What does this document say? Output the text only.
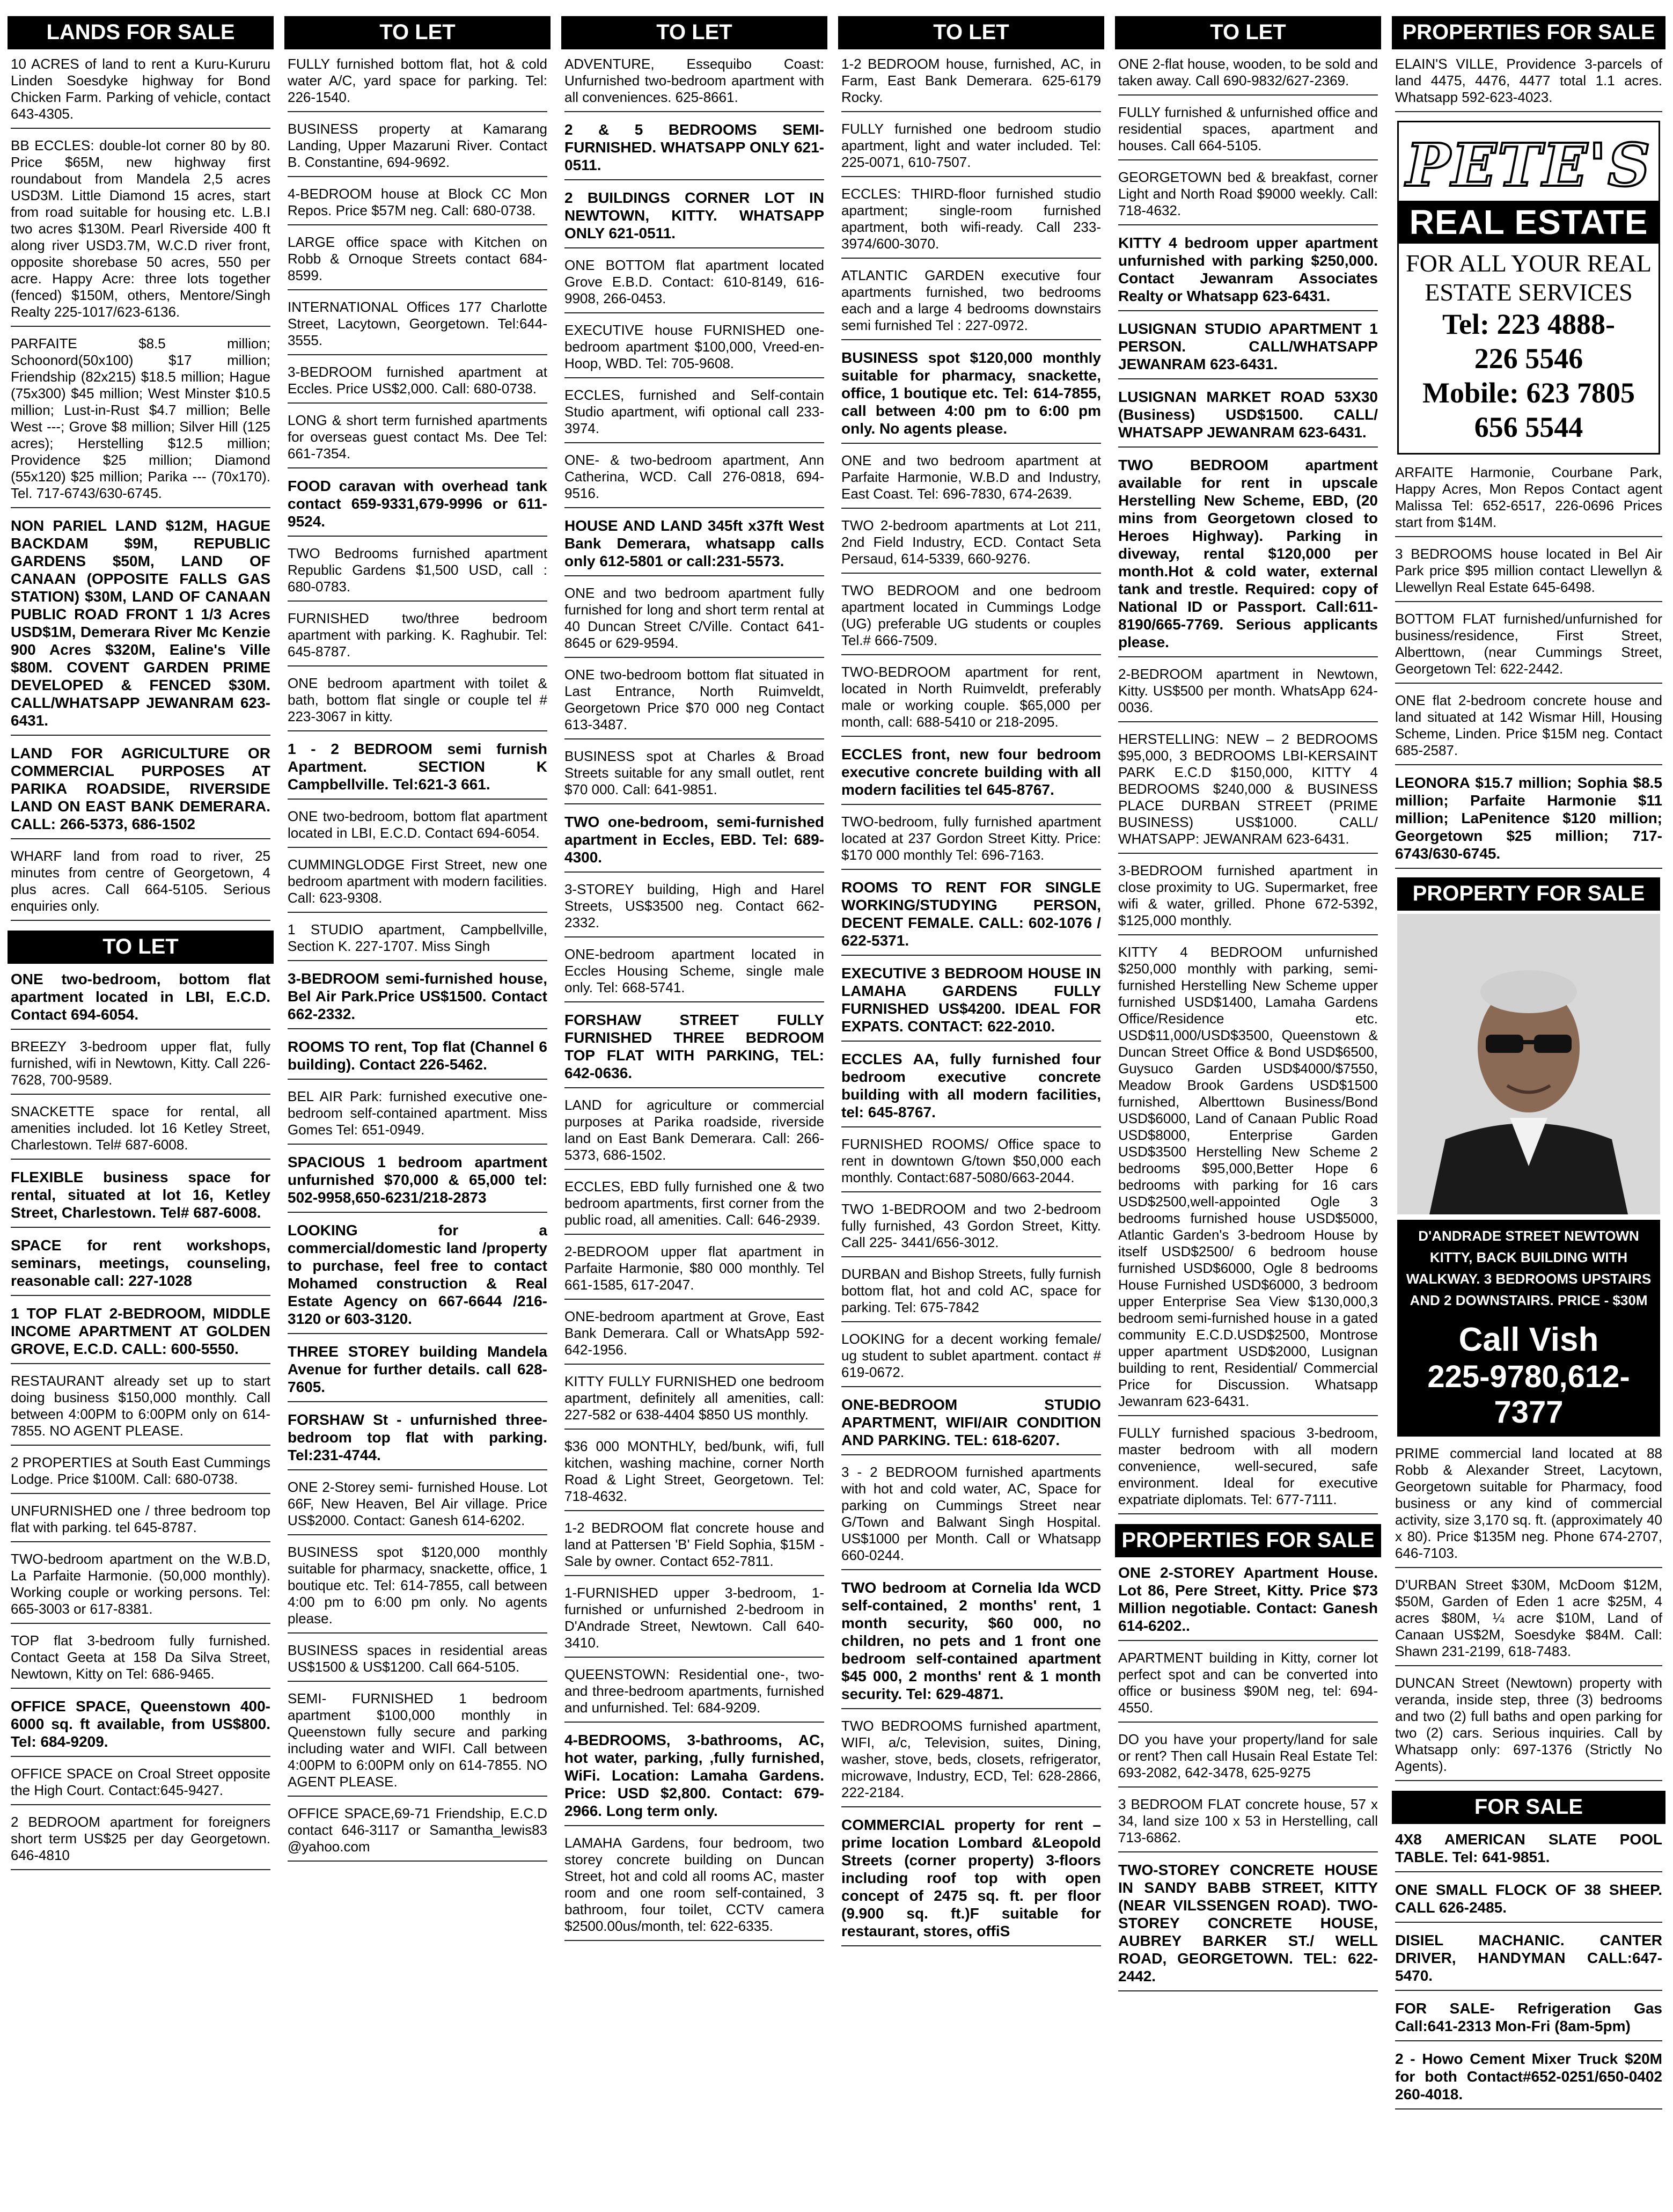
LANDS FOR SALE
10 ACRES of land to rent a Kuru-Kururu Linden Soesdyke highway for Bond Chicken Farm. Parking of vehicle, contact 643-4305.
BB ECCLES: double-lot corner 80 by 80. Price $65M, new highway first roundabout from Mandela 2,5 acres USD3M. Little Diamond 15 acres, start from road suitable for housing etc. L.B.I two acres $130M. Pearl Riverside 400 ft along river USD3.7M, W.C.D river front, opposite shorebase 50 acres, 550 per acre. Happy Acre: three lots together (fenced) $150M, others, Mentore/Singh Realty 225-1017/623-6136.
PARFAITE $8.5 million; Schoonord(50x100) $17 million; Friendship (82x215) $18.5 million; Hague (75x300) $45 million; West Minster $10.5 million; Lust-in-Rust $4.7 million; Belle West ---; Grove $8 million; Silver Hill (125 acres); Herstelling $12.5 million; Providence $25 million; Diamond (55x120) $25 million; Parika --- (70x170). Tel. 717-6743/630-6745.
NON PARIEL LAND $12M, HAGUE BACKDAM $9M, REPUBLIC GARDENS $50M, LAND OF CANAAN (OPPOSITE FALLS GAS STATION) $30M, LAND OF CANAAN PUBLIC ROAD FRONT 1 1/3 Acres USD$1M, Demerara River Mc Kenzie 900 Acres $320M, Ealine's Ville $80M. COVENT GARDEN PRIME DEVELOPED & FENCED $30M. CALL/WHATSAPP JEWANRAM 623-6431.
LAND FOR AGRICULTURE OR COMMERCIAL PURPOSES AT PARIKA ROADSIDE, RIVERSIDE LAND ON EAST BANK DEMERARA. CALL: 266-5373, 686-1502
WHARF land from road to river, 25 minutes from centre of Georgetown, 4 plus acres. Call 664-5105. Serious enquiries only.
TO LET
ONE two-bedroom, bottom flat apartment located in LBI, E.C.D. Contact 694-6054.
BREEZY 3-bedroom upper flat, fully furnished, wifi in Newtown, Kitty. Call 226-7628, 700-9589.
SNACKETTE space for rental, all amenities included. lot 16 Ketley Street, Charlestown. Tel# 687-6008.
FLEXIBLE business space for rental, situated at lot 16, Ketley Street, Charlestown. Tel# 687-6008.
SPACE for rent workshops, seminars, meetings, counseling, reasonable call: 227-1028
1 TOP FLAT 2-BEDROOM, MIDDLE INCOME APARTMENT AT GOLDEN GROVE, E.C.D. CALL: 600-5550.
RESTAURANT already set up to start doing business $150,000 monthly. Call between 4:00PM to 6:00PM only on 614-7855. NO AGENT PLEASE.
2 PROPERTIES at South East Cummings Lodge. Price $100M. Call: 680-0738.
UNFURNISHED one / three bedroom top flat with parking. tel 645-8787.
TWO-bedroom apartment on the W.B.D, La Parfaite Harmonie. (50,000 monthly). Working couple or working persons. Tel: 665-3003 or 617-8381.
TOP flat 3-bedroom fully furnished. Contact Geeta at 158 Da Silva Street, Newtown, Kitty on Tel: 686-9465.
OFFICE SPACE, Queenstown 400-6000 sq. ft available, from US$800. Tel: 684-9209.
OFFICE SPACE on Croal Street opposite the High Court. Contact:645-9427.
2 BEDROOM apartment for foreigners short term US$25 per day Georgetown. 646-4810
TO LET
FULLY furnished bottom flat, hot & cold water A/C, yard space for parking. Tel: 226-1540.
BUSINESS property at Kamarang Landing, Upper Mazaruni River. Contact B. Constantine, 694-9692.
4-BEDROOM house at Block CC Mon Repos. Price $57M neg. Call: 680-0738.
LARGE office space with Kitchen on Robb & Ornoque Streets contact 684-8599.
INTERNATIONAL Offices 177 Charlotte Street, Lacytown, Georgetown. Tel:644-3555.
3-BEDROOM furnished apartment at Eccles. Price US$2,000. Call: 680-0738.
LONG & short term furnished apartments for overseas guest contact Ms. Dee Tel: 661-7354.
FOOD caravan with overhead tank contact 659-9331,679-9996 or 611-9524.
TWO Bedrooms furnished apartment Republic Gardens $1,500 USD, call : 680-0783.
FURNISHED two/three bedroom apartment with parking. K. Raghubir. Tel: 645-8787.
ONE bedroom apartment with toilet & bath, bottom flat single or couple tel # 223-3067 in kitty.
1 - 2 BEDROOM semi furnish Apartment. SECTION K Campbellville. Tel:621-3 661.
ONE two-bedroom, bottom flat apartment located in LBI, E.C.D. Contact 694-6054.
CUMMINGLODGE First Street, new one bedroom apartment with modern facilities. Call: 623-9308.
1 STUDIO apartment, Campbellville, Section K. 227-1707. Miss Singh
3-BEDROOM semi-furnished house, Bel Air Park.Price US$1500. Contact 662-2332.
ROOMS TO rent, Top flat (Channel 6 building). Contact 226-5462.
BEL AIR Park: furnished executive one-bedroom self-contained apartment. Miss Gomes Tel: 651-0949.
SPACIOUS 1 bedroom apartment unfurnished $70,000 & 65,000 tel: 502-9958,650-6231/218-2873
LOOKING for a commercial/domestic land /property to purchase, feel free to contact Mohamed construction & Real Estate Agency on 667-6644 /216-3120 or 603-3120.
THREE STOREY building Mandela Avenue for further details. call 628-7605.
FORSHAW St - unfurnished three-bedroom top flat with parking. Tel:231-4744.
ONE 2-Storey semi- furnished House. Lot 66F, New Heaven, Bel Air village. Price US$2000. Contact: Ganesh 614-6202.
BUSINESS spot $120,000 monthly suitable for pharmacy, snackette, office, 1 boutique etc. Tel: 614-7855, call between 4:00 pm to 6:00 pm only. No agents please.
BUSINESS spaces in residential areas US$1500 & US$1200. Call 664-5105.
SEMI- FURNISHED 1 bedroom apartment $100,000 monthly in Queenstown fully secure and parking including water and WIFI. Call between 4:00PM to 6:00PM only on 614-7855. NO AGENT PLEASE.
OFFICE SPACE,69-71 Friendship, E.C.D contact 646-3117 or Samantha_lewis83 @yahoo.com
TO LET
ADVENTURE, Essequibo Coast: Unfurnished two-bedroom apartment with all conveniences. 625-8661.
2 & 5 BEDROOMS SEMI-FURNISHED. WHATSAPP ONLY 621-0511.
2 BUILDINGS CORNER LOT IN NEWTOWN, KITTY. WHATSAPP ONLY 621-0511.
ONE BOTTOM flat apartment located Grove E.B.D. Contact: 610-8149, 616-9908, 266-0453.
EXECUTIVE house FURNISHED one-bedroom apartment $100,000, Vreed-en-Hoop, WBD. Tel: 705-9608.
ECCLES, furnished and Self-contain Studio apartment, wifi optional call 233-3974.
ONE- & two-bedroom apartment, Ann Catherina, WCD. Call 276-0818, 694-9516.
HOUSE AND LAND 345ft x37ft West Bank Demerara, whatsapp calls only 612-5801 or call:231-5573.
ONE and two bedroom apartment fully furnished for long and short term rental at 40 Duncan Street C/Ville. Contact 641-8645 or 629-9594.
ONE two-bedroom bottom flat situated in Last Entrance, North Ruimveldt, Georgetown Price $70 000 neg Contact 613-3487.
BUSINESS spot at Charles & Broad Streets suitable for any small outlet, rent $70 000. Call: 641-9851.
TWO one-bedroom, semi-furnished apartment in Eccles, EBD. Tel: 689-4300.
3-STOREY building, High and Harel Streets, US$3500 neg. Contact 662-2332.
ONE-bedroom apartment located in Eccles Housing Scheme, single male only. Tel: 668-5741.
FORSHAW STREET FULLY FURNISHED THREE BEDROOM TOP FLAT WITH PARKING, TEL: 642-0636.
LAND for agriculture or commercial purposes at Parika roadside, riverside land on East Bank Demerara. Call: 266-5373, 686-1502.
ECCLES, EBD fully furnished one & two bedroom apartments, first corner from the public road, all amenities. Call: 646-2939.
2-BEDROOM upper flat apartment in Parfaite Harmonie, $80 000 monthly. Tel 661-1585, 617-2047.
ONE-bedroom apartment at Grove, East Bank Demerara. Call or WhatsApp 592-642-1956.
KITTY FULLY FURNISHED one bedroom apartment, definitely all amenities, call: 227-582 or 638-4404 $850 US monthly.
$36 000 MONTHLY, bed/bunk, wifi, full kitchen, washing machine, corner North Road & Light Street, Georgetown. Tel: 718-4632.
1-2 BEDROOM flat concrete house and land at Pattersen 'B' Field Sophia, $15M - Sale by owner. Contact 652-7811.
1-FURNISHED upper 3-bedroom, 1-furnished or unfurnished 2-bedroom in D'Andrade Street, Newtown. Call 640-3410.
QUEENSTOWN: Residential one-, two- and three-bedroom apartments, furnished and unfurnished. Tel: 684-9209.
4-BEDROOMS, 3-bathrooms, AC, hot water, parking, ,fully furnished, WiFi. Location: Lamaha Gardens. Price: USD $2,800. Contact: 679-2966. Long term only.
LAMAHA Gardens, four bedroom, two storey concrete building on Duncan Street, hot and cold all rooms AC, master room and one room self-contained, 3 bathroom, four toilet, CCTV camera $2500.00us/month, tel: 622-6335.
TO LET
1-2 BEDROOM house, furnished, AC, in Farm, East Bank Demerara. 625-6179 Rocky.
FULLY furnished one bedroom studio apartment, light and water included. Tel: 225-0071, 610-7507.
ECCLES: THIRD-floor furnished studio apartment; single-room furnished apartment, both wifi-ready. Call 233-3974/600-3070.
ATLANTIC GARDEN executive four apartments furnished, two bedrooms each and a large 4 bedrooms downstairs semi furnished Tel : 227-0972.
BUSINESS spot $120,000 monthly suitable for pharmacy, snackette, office, 1 boutique etc. Tel: 614-7855, call between 4:00 pm to 6:00 pm only. No agents please.
ONE and two bedroom apartment at Parfaite Harmonie, W.B.D and Industry, East Coast. Tel: 696-7830, 674-2639.
TWO 2-bedroom apartments at Lot 211, 2nd Field Industry, ECD. Contact Seta Persaud, 614-5339, 660-9276.
TWO BEDROOM and one bedroom apartment located in Cummings Lodge (UG) preferable UG students or couples Tel.# 666-7509.
TWO-BEDROOM apartment for rent, located in North Ruimveldt, preferably male or working couple. $65,000 per month, call: 688-5410 or 218-2095.
ECCLES front, new four bedroom executive concrete building with all modern facilities tel 645-8767.
TWO-bedroom, fully furnished apartment located at 237 Gordon Street Kitty. Price: $170 000 monthly Tel: 696-7163.
ROOMS TO RENT FOR SINGLE WORKING/STUDYING PERSON, DECENT FEMALE. CALL: 602-1076 / 622-5371.
EXECUTIVE 3 BEDROOM HOUSE IN LAMAHA GARDENS FULLY FURNISHED US$4200. IDEAL FOR EXPATS. CONTACT: 622-2010.
ECCLES AA, fully furnished four bedroom executive concrete building with all modern facilities, tel: 645-8767.
FURNISHED ROOMS/ Office space to rent in downtown G/town $50,000 each monthly. Contact:687-5080/663-2044.
TWO 1-BEDROOM and two 2-bedroom fully furnished, 43 Gordon Street, Kitty. Call 225- 3441/656-3012.
DURBAN and Bishop Streets, fully furnish bottom flat, hot and cold AC, space for parking. Tel: 675-7842
LOOKING for a decent working female/ ug student to sublet apartment. contact # 619-0672.
ONE-BEDROOM STUDIO APARTMENT, WIFI/AIR CONDITION AND PARKING. TEL: 618-6207.
3 - 2 BEDROOM furnished apartments with hot and cold water, AC, Space for parking on Cummings Street near G/Town and Balwant Singh Hospital. US$1000 per Month. Call or Whatsapp 660-0244.
TWO bedroom at Cornelia Ida WCD self-contained, 2 months' rent, 1 month security, $60 000, no children, no pets and 1 front one bedroom self-contained apartment $45 000, 2 months' rent & 1 month security. Tel: 629-4871.
TWO BEDROOMS furnished apartment, WIFI, a/c, Television, suites, Dining, washer, stove, beds, closets, refrigerator, microwave, Industry, ECD, Tel: 628-2866, 222-2184.
COMMERCIAL property for rent – prime location Lombard &Leopold Streets (corner property) 3-floors including roof top with open concept of 2475 sq. ft. per floor (9.900 sq. ft.)F suitable for restaurant, stores, offiS
TO LET
ONE 2-flat house, wooden, to be sold and taken away. Call 690-9832/627-2369.
FULLY furnished & unfurnished office and residential spaces, apartment and houses. Call 664-5105.
GEORGETOWN bed & breakfast, corner Light and North Road $9000 weekly. Call: 718-4632.
KITTY 4 bedroom upper apartment unfurnished with parking $250,000. Contact Jewanram Associates Realty or Whatsapp 623-6431.
LUSIGNAN STUDIO APARTMENT 1 PERSON. CALL/WHATSAPP JEWANRAM 623-6431.
LUSIGNAN MARKET ROAD 53X30 (Business) USD$1500. CALL/ WHATSAPP JEWANRAM 623-6431.
TWO BEDROOM apartment available for rent in upscale Herstelling New Scheme, EBD, (20 mins from Georgetown closed to Heroes Highway). Parking in diveway, rental $120,000 per month.Hot & cold water, external tank and trestle. Required: copy of National ID or Passport. Call:611-8190/665-7769. Serious applicants please.
2-BEDROOM apartment in Newtown, Kitty. US$500 per month. WhatsApp 624-0036.
HERSTELLING: NEW – 2 BEDROOMS $95,000, 3 BEDROOMS LBI-KERSAINT PARK E.C.D $150,000, KITTY 4 BEDROOMS $240,000 & BUSINESS PLACE DURBAN STREET (PRIME BUSINESS) US$1000. CALL/ WHATSAPP: JEWANRAM 623-6431.
3-BEDROOM furnished apartment in close proximity to UG. Supermarket, free wifi & water, grilled. Phone 672-5392, $125,000 monthly.
KITTY 4 BEDROOM unfurnished $250,000 monthly with parking, semi-furnished Herstelling New Scheme upper furnished USD$1400, Lamaha Gardens Office/Residence etc. USD$11,000/USD$3500, Queenstown & Duncan Street Office & Bond USD$6500, Guysuco Garden USD$4000/$7550, Meadow Brook Gardens USD$1500 furnished, Alberttown Business/Bond USD$6000, Land of Canaan Public Road USD$8000, Enterprise Garden USD$3500 Herstelling New Scheme 2 bedrooms $95,000,Better Hope 6 bedrooms with parking for 16 cars USD$2500,well-appointed Ogle 3 bedrooms furnished house USD$5000, Atlantic Garden's 3-bedroom House by itself USD$2500/ 6 bedroom house furnished USD$6000, Ogle 8 bedrooms House Furnished USD$6000, 3 bedroom upper Enterprise Sea View $130,000,3 bedroom semi-furnished house in a gated community E.C.D.USD$2500, Montrose upper apartment USD$2000, Lusignan building to rent, Residential/ Commercial Price for Discussion. Whatsapp Jewanram 623-6431.
FULLY furnished spacious 3-bedroom, master bedroom with all modern convenience, well-secured, safe environment. Ideal for executive expatriate diplomats. Tel: 677-7111.
PROPERTIES FOR SALE
ONE 2-STOREY Apartment House. Lot 86, Pere Street, Kitty. Price $73 Million negotiable. Contact: Ganesh 614-6202..
APARTMENT building in Kitty, corner lot perfect spot and can be converted into office or business $90M neg, tel: 694-4550.
DO you have your property/land for sale or rent? Then call Husain Real Estate Tel: 693-2082, 642-3478, 625-9275
3 BEDROOM FLAT concrete house, 57 x 34, land size 100 x 53 in Herstelling, call 713-6862.
TWO-STOREY CONCRETE HOUSE IN SANDY BABB STREET, KITTY (NEAR VILSSENGEN ROAD). TWO-STOREY CONCRETE HOUSE, AUBREY BARKER ST./ WELL ROAD, GEORGETOWN. TEL: 622-2442.
PROPERTIES FOR SALE
ELAIN'S VILLE, Providence 3-parcels of land 4475, 4476, 4477 total 1.1 acres. Whatsapp 592-623-4023.
PETE'S
REAL ESTATE
FOR ALL YOUR REAL
ESTATE SERVICES
Tel: 223 4888-
226 5546
Mobile: 623 7805
656 5544
ARFAITE Harmonie, Courbane Park, Happy Acres, Mon Repos Contact agent Malissa Tel: 652-6517, 226-0696 Prices start from $14M.
3 BEDROOMS house located in Bel Air Park price $95 million contact Llewellyn & Llewellyn Real Estate 645-6498.
BOTTOM FLAT furnished/unfurnished for business/residence, First Street, Alberttown, (near Cummings Street, Georgetown Tel: 622-2442.
ONE flat 2-bedroom concrete house and land situated at 142 Wismar Hill, Housing Scheme, Linden. Price $15M neg. Contact 685-2587.
LEONORA $15.7 million; Sophia $8.5 million; Parfaite Harmonie $11 million; LaPenitence $120 million; Georgetown $25 million; 717-6743/630-6745.
PROPERTY FOR SALE
D'ANDRADE STREET NEWTOWN KITTY, BACK BUILDING WITH WALKWAY. 3 BEDROOMS UPSTAIRS AND 2 DOWNSTAIRS. PRICE - $30M
Call Vish
225-9780,612-7377
PRIME commercial land located at 88 Robb & Alexander Street, Lacytown, Georgetown suitable for Pharmacy, food business or any kind of commercial activity, size 3,170 sq. ft. (approximately 40 x 80). Price $135M neg. Phone 674-2707, 646-7103.
D'URBAN Street $30M, McDoom $12M, $50M, Garden of Eden 1 acre $25M, 4 acres $80M, ¼ acre $10M, Land of Canaan US$2M, Soesdyke $84M. Call: Shawn 231-2199, 618-7483.
DUNCAN Street (Newtown) property with veranda, inside step, three (3) bedrooms and two (2) full baths and open parking for two (2) cars. Serious inquiries. Call by Whatsapp only: 697-1376 (Strictly No Agents).
FOR SALE
4X8 AMERICAN SLATE POOL TABLE. Tel: 641-9851.
ONE SMALL FLOCK OF 38 SHEEP. CALL 626-2485.
DISIEL MACHANIC. CANTER DRIVER, HANDYMAN CALL:647-5470.
FOR SALE- Refrigeration Gas Call:641-2313 Mon-Fri (8am-5pm)
2 - Howo Cement Mixer Truck $20M for both Contact#652-0251/650-0402 260-4018.
